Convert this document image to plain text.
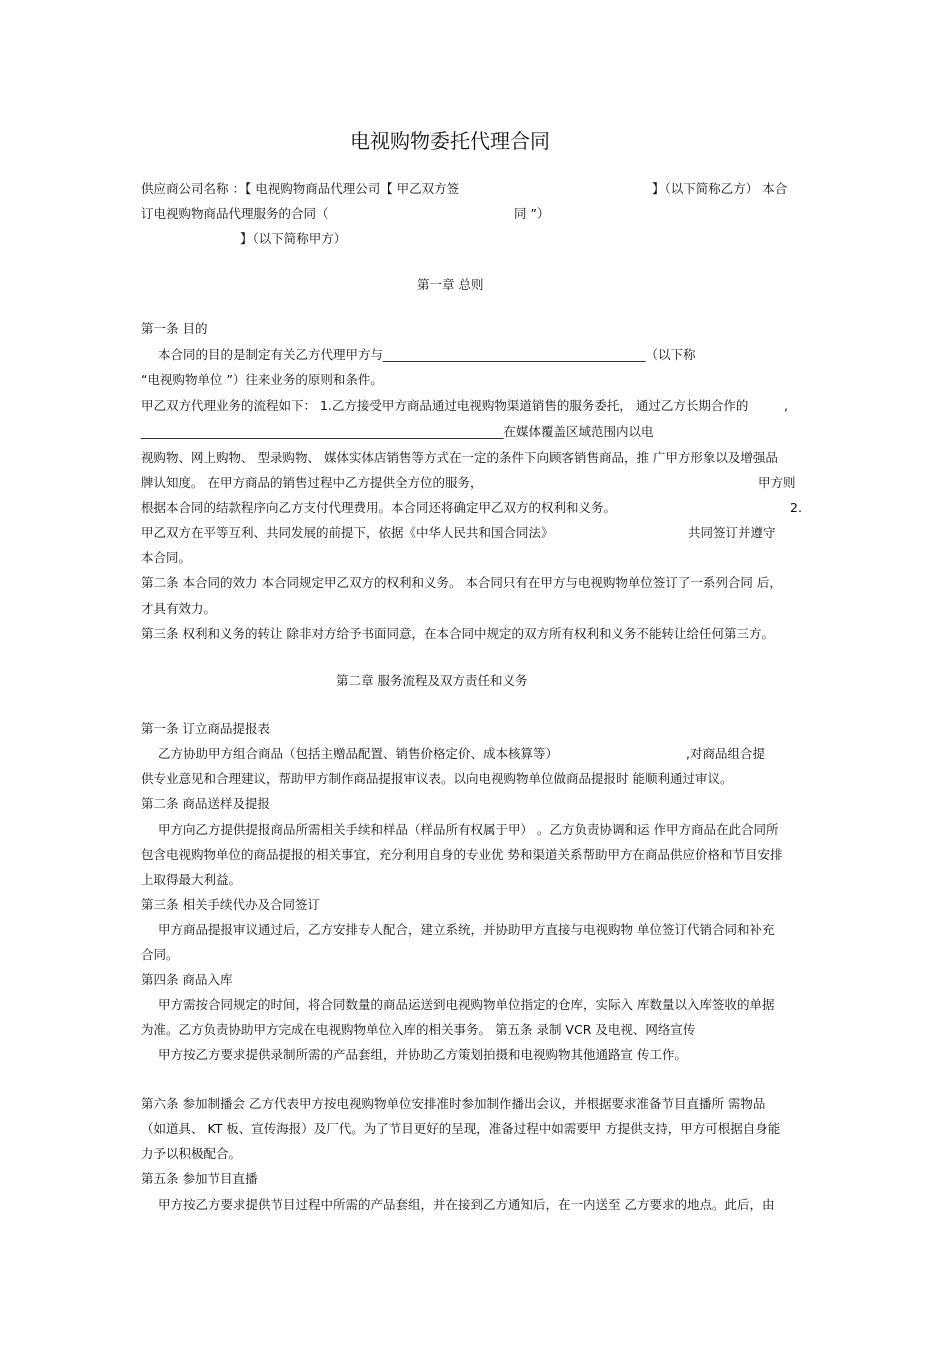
电视购物委托代理合同
供应商公司名称 ：【 电视购物商品代理公司【 甲乙双方签	】（以下简称乙方） 本合
订电视购物商品代理服务的合同（	同 ”）
】（以下简称甲方）
第一章 总则
第一条 目的
本合同的目的是制定有关乙方代理甲方与__________________________________________（以下称
“电视购物单位 ”）往来业务的原则和条件。
甲乙双方代理业务的流程如下： 1.乙方接受甲方商品通过电视购物渠道销售的服务委托， 通过乙方长期合作的	,
__________________________________________________________在媒体覆盖区域范围内以电
视购物、网上购物、 型录购物、 媒体实体店销售等方式在一定的条件下向顾客销售商品，推 广甲方形象以及增强品
牌认知度。 在甲方商品的销售过程中乙方提供全方位的服务，	甲方则
根据本合同的结款程序向乙方支付代理费用。本合同还将确定甲乙双方的权利和义务。	2.
甲乙双方在平等互利、共同发展的前提下，依据《中华人民共和国合同法》	共同签订并遵守
本合同。
第二条 本合同的效力 本合同规定甲乙双方的权利和义务。 本合同只有在甲方与电视购物单位签订了一系列合同 后，
才具有效力。
第三条 权利和义务的转让 除非对方给予书面同意，在本合同中规定的双方所有权利和义务不能转让给任何第三方。
第二章 服务流程及双方责任和义务
第一条 订立商品提报表
乙方协助甲方组合商品（包括主赠品配置、销售价格定价、成本核算等）	,对商品组合提
供专业意见和合理建议，帮助甲方制作商品提报审议表。以向电视购物单位做商品提报时 能顺利通过审议。
第二条 商品送样及提报
甲方向乙方提供提报商品所需相关手续和样品（样品所有权属于甲） 。乙方负责协调和运 作甲方商品在此合同所
包含电视购物单位的商品提报的相关事宜，充分利用自身的专业优 势和渠道关系帮助甲方在商品供应价格和节目安排
上取得最大利益。
第三条 相关手续代办及合同签订
甲方商品提报审议通过后，乙方安排专人配合，建立系统，并协助甲方直接与电视购物 单位签订代销合同和补充
合同。
第四条 商品入库
甲方需按合同规定的时间，将合同数量的商品运送到电视购物单位指定的仓库，实际入 库数量以入库签收的单据
为准。乙方负责协助甲方完成在电视购物单位入库的相关事务。 第五条 录制 VCR 及电视、网络宣传
甲方按乙方要求提供录制所需的产品套组，并协助乙方策划拍摄和电视购物其他通路宣 传工作。
第六条 参加制播会 乙方代表甲方按电视购物单位安排准时参加制作播出会议，并根据要求准备节目直播所 需物品
（如道具、 KT 板、宣传海报）及厂代。为了节目更好的呈现，准备过程中如需要甲 方提供支持，甲方可根据自身能
力予以积极配合。
第五条 参加节目直播
甲方按乙方要求提供节目过程中所需的产品套组，并在接到乙方通知后，在一内送至 乙方要求的地点。此后，由
